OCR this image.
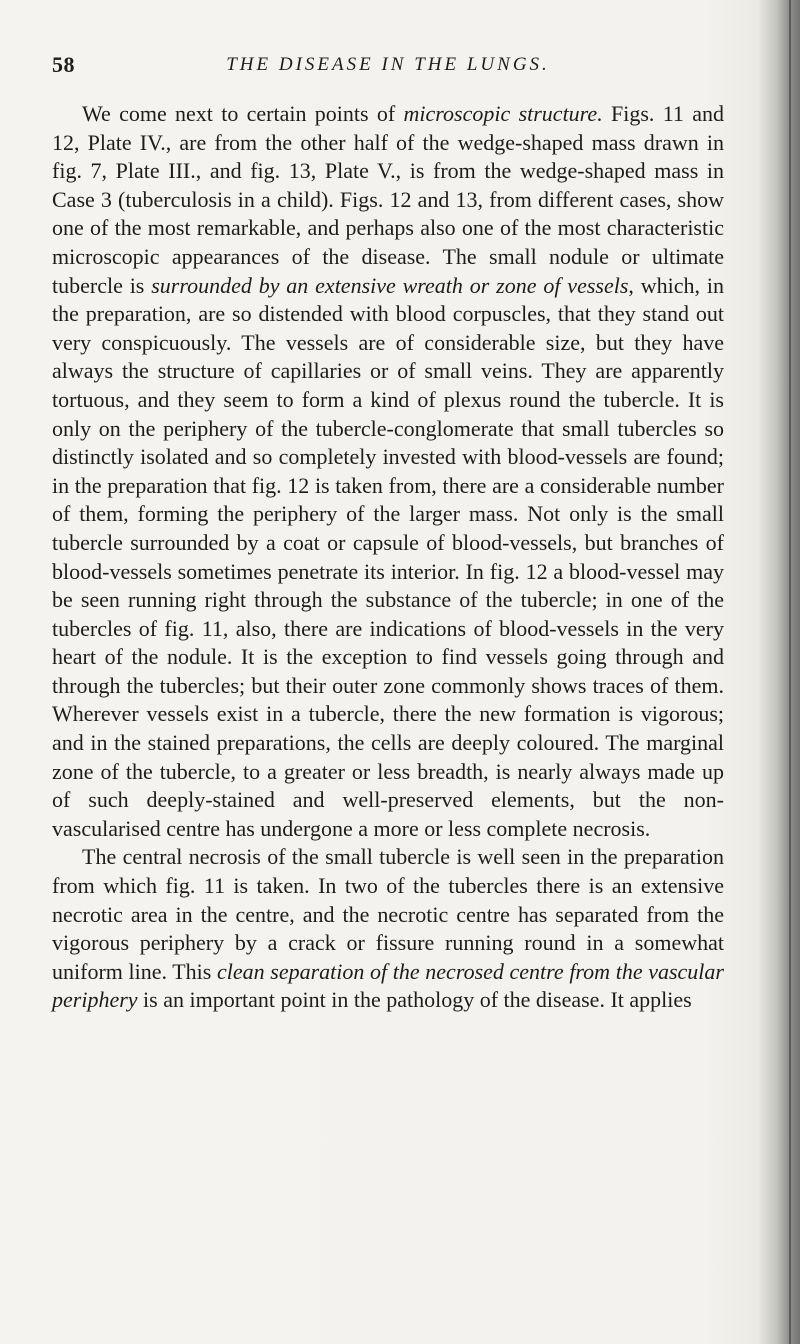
58	THE DISEASE IN THE LUNGS.

We come next to certain points of microscopic structure. Figs. 11 and 12, Plate IV., are from the other half of the wedge-shaped mass drawn in fig. 7, Plate III., and fig. 13, Plate V., is from the wedge-shaped mass in Case 3 (tuberculosis in a child). Figs. 12 and 13, from different cases, show one of the most remarkable, and perhaps also one of the most characteristic microscopic appearances of the disease. The small nodule or ultimate tubercle is surrounded by an extensive wreath or zone of vessels, which, in the preparation, are so distended with blood corpuscles, that they stand out very conspicuously. The vessels are of considerable size, but they have always the structure of capillaries or of small veins. They are apparently tortuous, and they seem to form a kind of plexus round the tubercle. It is only on the periphery of the tubercle-conglomerate that small tubercles so distinctly isolated and so completely invested with blood-vessels are found; in the preparation that fig. 12 is taken from, there are a considerable number of them, forming the periphery of the larger mass. Not only is the small tubercle surrounded by a coat or capsule of blood-vessels, but branches of blood-vessels sometimes penetrate its interior. In fig. 12 a blood-vessel may be seen running right through the substance of the tubercle; in one of the tubercles of fig. 11, also, there are indications of blood-vessels in the very heart of the nodule. It is the exception to find vessels going through and through the tubercles; but their outer zone commonly shows traces of them. Wherever vessels exist in a tubercle, there the new formation is vigorous; and in the stained preparations, the cells are deeply coloured. The marginal zone of the tubercle, to a greater or less breadth, is nearly always made up of such deeply-stained and well-preserved elements, but the non-vascularised centre has undergone a more or less complete necrosis.

The central necrosis of the small tubercle is well seen in the preparation from which fig. 11 is taken. In two of the tubercles there is an extensive necrotic area in the centre, and the necrotic centre has separated from the vigorous periphery by a crack or fissure running round in a somewhat uniform line. This clean separation of the necrosed centre from the vascular periphery is an important point in the pathology of the disease. It applies
